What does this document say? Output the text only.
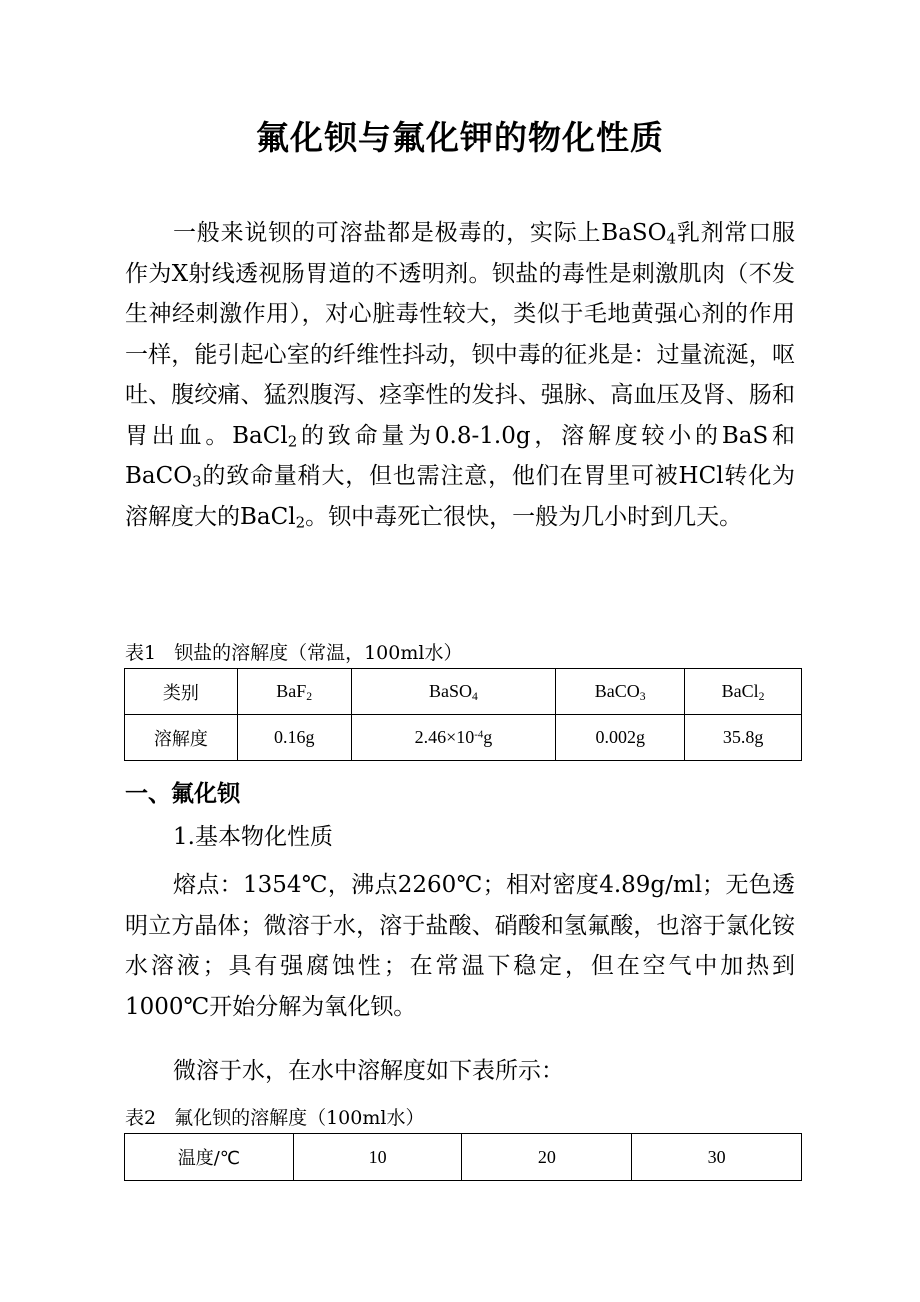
氟化钡与氟化钾的物化性质

一般来说钡的可溶盐都是极毒的，实际上BaSO$_4$乳剂常口服作为X射线透视肠胃道的不透明剂。钡盐的毒性是刺激肌肉（不发生神经刺激作用），对心脏毒性较大，类似于毛地黄强心剂的作用一样，能引起心室的纤维性抖动，钡中毒的征兆是：过量流涎，呕吐、腹绞痛、猛烈腹泻、痉挛性的发抖、强脉、高血压及肾、肠和胃出血。BaCl$_2$的致命量为0.8-1.0g，溶解度较小的BaS和BaCO$_3$的致命量稍大，但也需注意，他们在胃里可被HCl转化为溶解度大的BaCl$_2$。钡中毒死亡很快，一般为几小时到几天。

表1 钡盐的溶解度（常温，100ml水）
类别	BaF$_2$	BaSO$_4$	BaCO$_3$	BaCl$_2$
溶解度	0.16g	$2.46\times 10^{-4}g$	0.002g	35.8g
一、氟化钡
1.基本物化性质

熔点：1354℃，沸点2260℃；相对密度4.89g/ml；无色透明立方晶体；微溶于水，溶于盐酸、硝酸和氢氟酸，也溶于氯化铵水溶液；具有强腐蚀性；在常温下稳定，但在空气中加热到1000℃开始分解为氧化钡。

微溶于水，在水中溶解度如下表所示：

表2 氟化钡的溶解度（100ml水）
温度/℃	10	20	30
